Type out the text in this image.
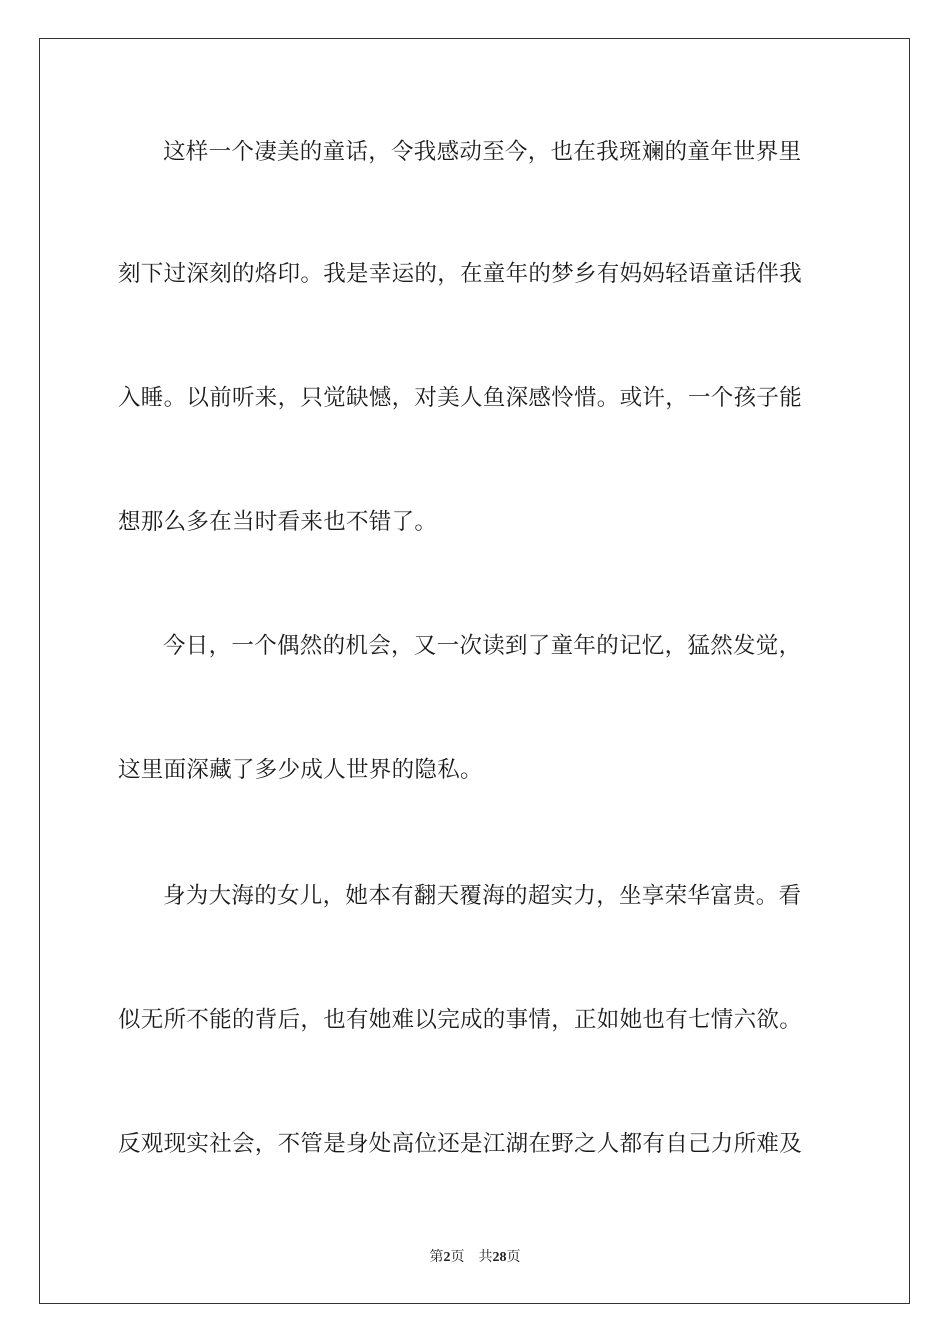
这样一个凄美的童话，令我感动至今，也在我斑斓的童年世界里
刻下过深刻的烙印。我是幸运的，在童年的梦乡有妈妈轻语童话伴我
入睡。以前听来，只觉缺憾，对美人鱼深感怜惜。或许，一个孩子能
想那么多在当时看来也不错了。
今日，一个偶然的机会，又一次读到了童年的记忆，猛然发觉，
这里面深藏了多少成人世界的隐私。
身为大海的女儿，她本有翻天覆海的超实力，坐享荣华富贵。看
似无所不能的背后，也有她难以完成的事情，正如她也有七情六欲。
反观现实社会，不管是身处高位还是江湖在野之人都有自己力所难及
第2页 共28页
